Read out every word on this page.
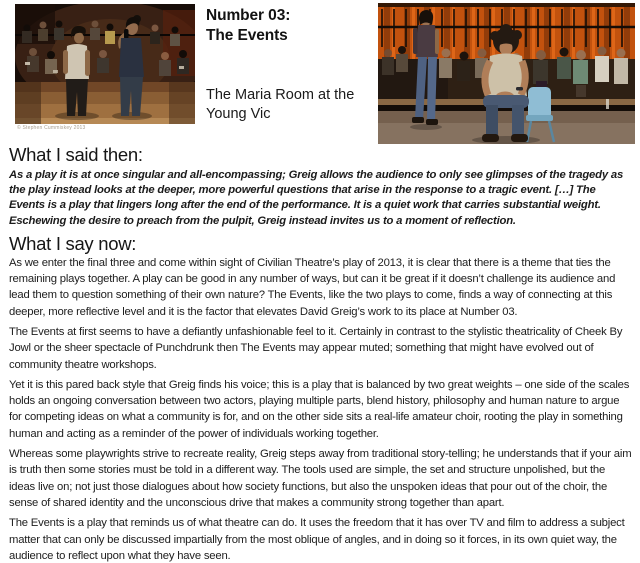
© Stephen Cummiskey 2013
Number 03:
The Events

The Maria Room at the
Young Vic

What I said then:

As a play it is at once singular and all-encompassing; Greig allows the audience to only see glimpses of the tragedy as the play instead looks at the deeper, more powerful questions that arise in the response to a tragic event. […] The Events is a play that lingers long after the end of the performance. It is a quiet work that carries substantial weight. Eschewing the desire to preach from the pulpit, Greig instead invites us to a moment of reflection.

What I say now:

As we enter the final three and come within sight of Civilian Theatre’s play of 2013, it is clear that there is a theme that ties the remaining plays together. A play can be good in any number of ways, but can it be great if it doesn’t challenge its audience and lead them to question something of their own nature? The Events, like the two plays to come, finds a way of connecting at this deeper, more reflective level and it is the factor that elevates David Greig’s work to its place at Number 03.

The Events at first seems to have a defiantly unfashionable feel to it. Certainly in contrast to the stylistic theatricality of Cheek By Jowl or the sheer spectacle of Punchdrunk then The Events may appear muted; something that might have evolved out of community theatre workshops.

Yet it is this pared back style that Greig finds his voice; this is a play that is balanced by two great weights – one side of the scales holds an ongoing conversation between two actors, playing multiple parts, blend history, philosophy and human nature to argue for competing ideas on what a community is for, and on the other side sits a real-life amateur choir, rooting the play in something human and acting as a reminder of the power of individuals working together.

Whereas some playwrights strive to recreate reality, Greig steps away from traditional story-telling; he understands that if your aim is truth then some stories must be told in a different way. The tools used are simple, the set and structure unpolished, but the ideas live on; not just those dialogues about how society functions, but also the unspoken ideas that pour out of the choir, the sense of shared identity and the unconscious drive that makes a community strong together than apart.

The Events is a play that reminds us of what theatre can do. It uses the freedom that it has over TV and film to address a subject matter that can only be discussed impartially from the most oblique of angles, and in doing so it forces, in its own quiet way, the audience to reflect upon what they have seen.
